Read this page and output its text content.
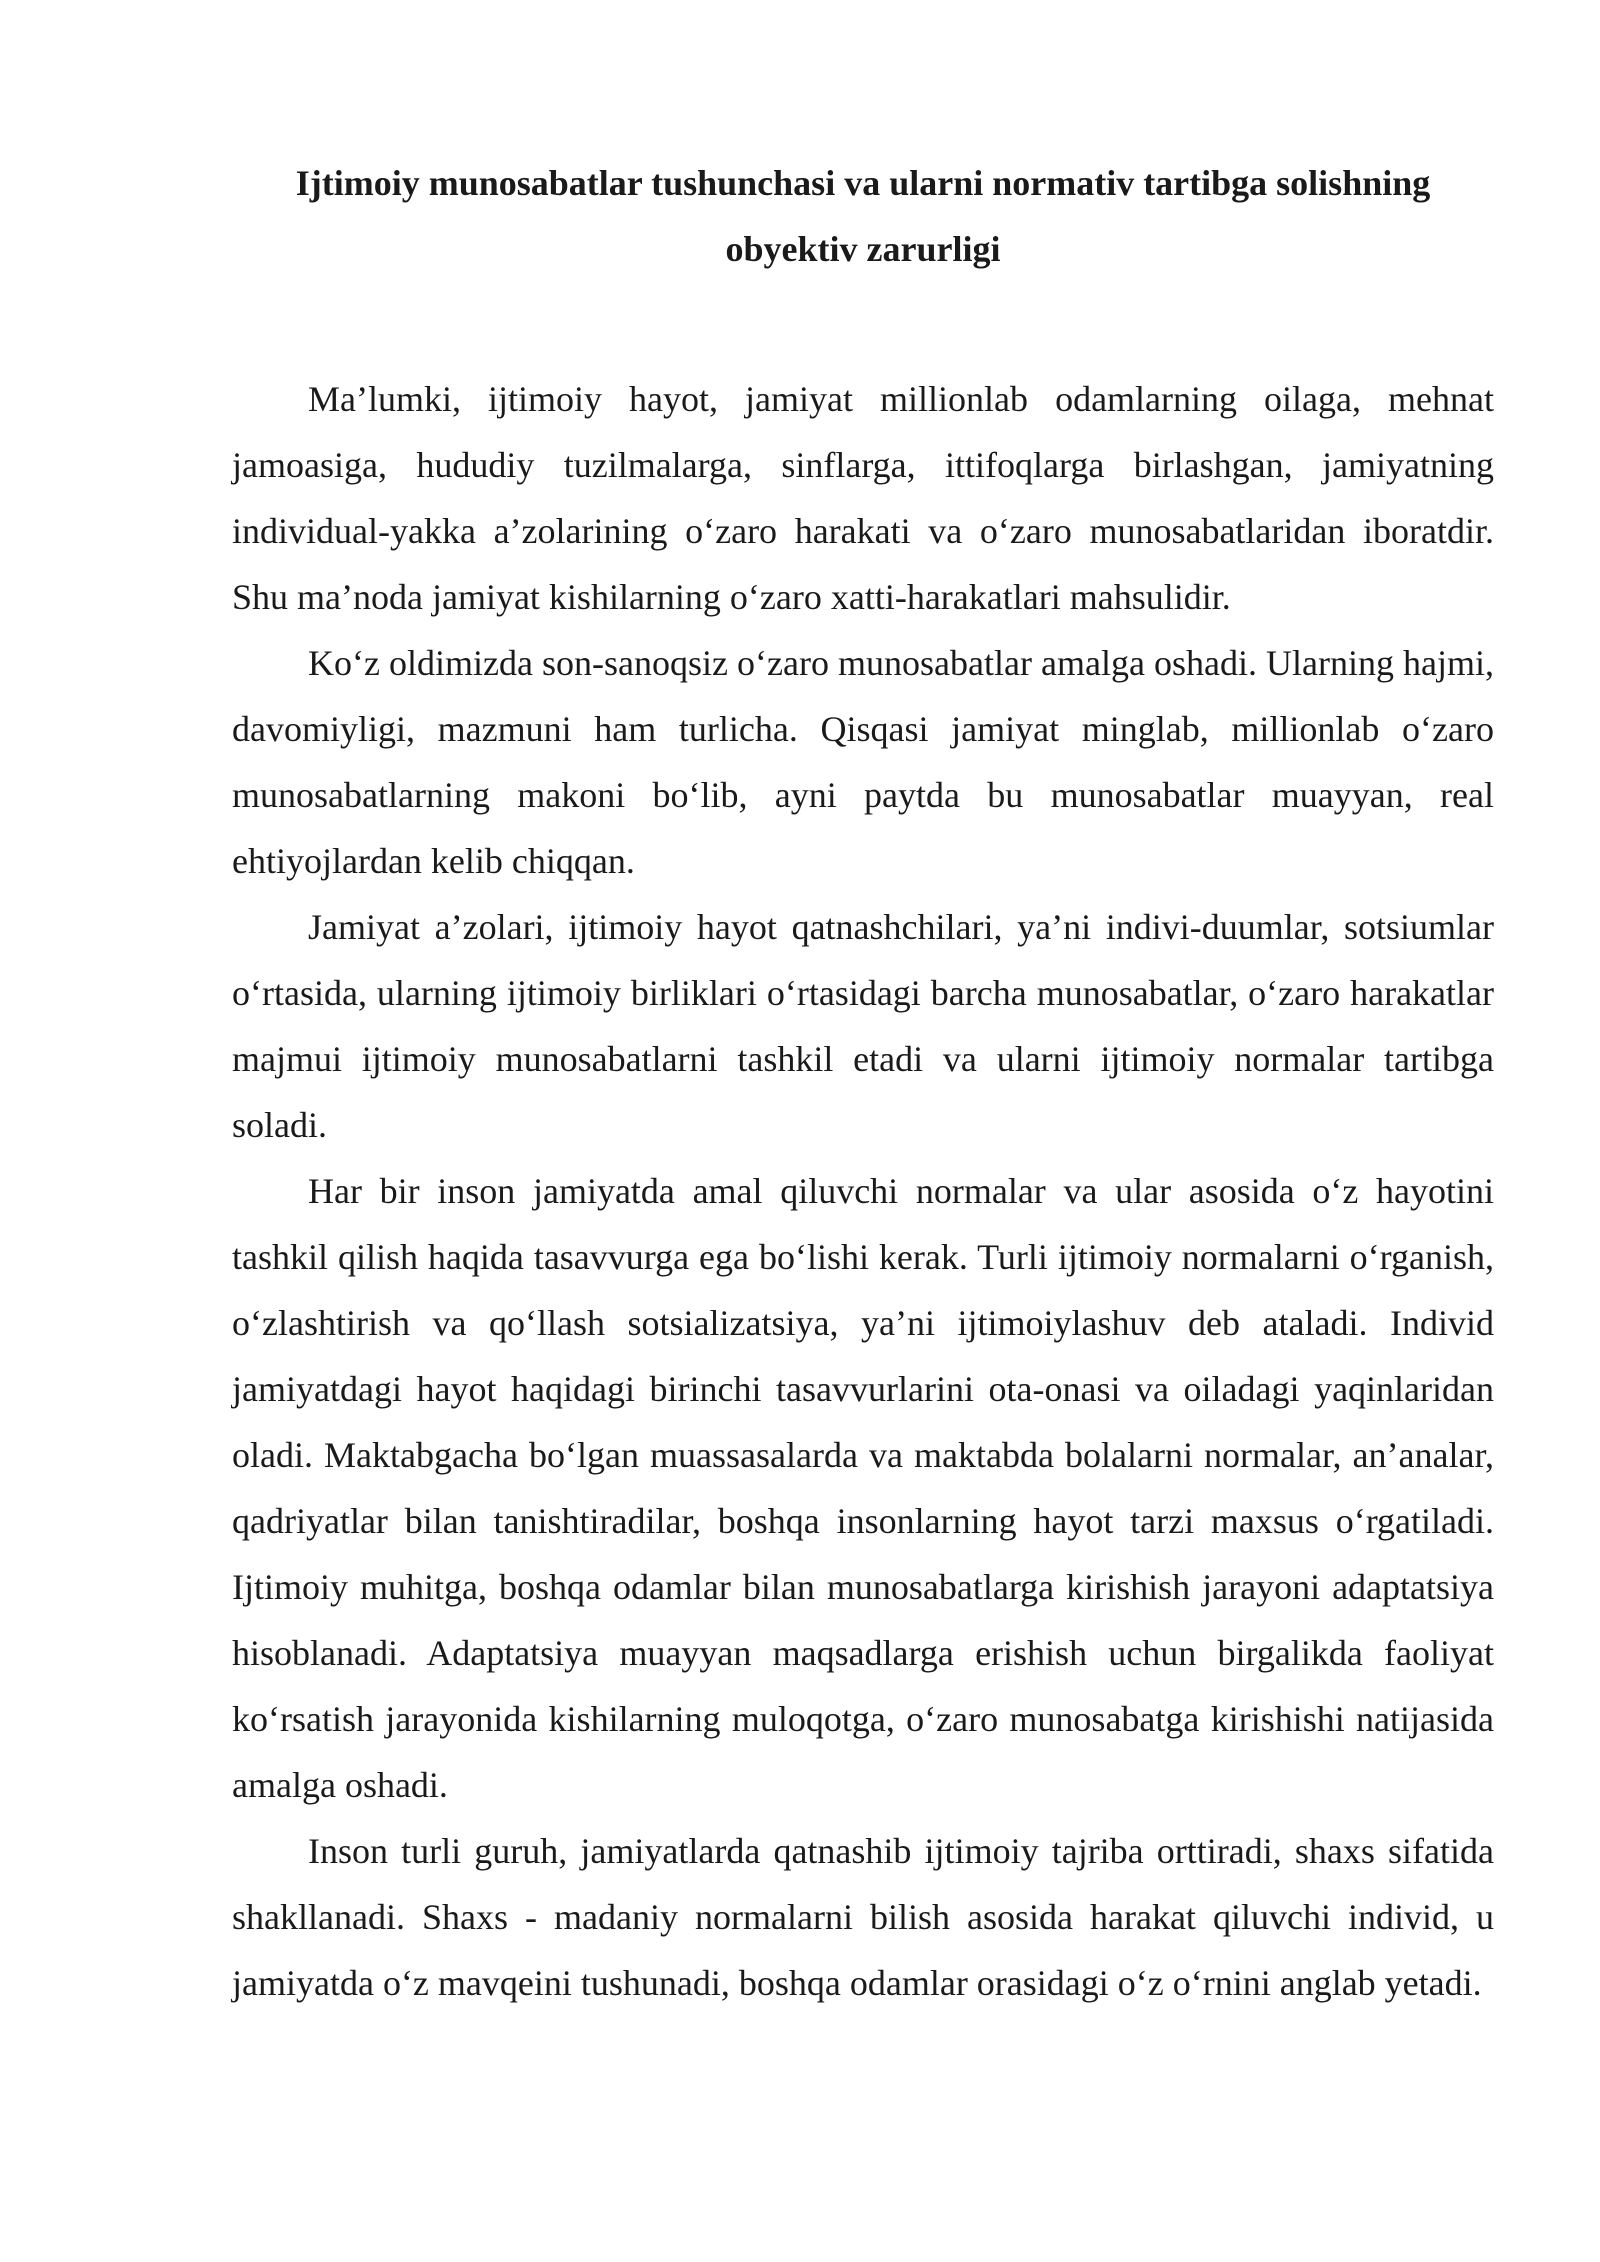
Ijtimoiy munosabatlar tushunchasi va ularni normativ tartibga solishning obyektiv zarurligi

Ma’lumki, ijtimoiy hayot, jamiyat millionlab odamlarning oilaga, mehnat jamoasiga, hududiy tuzilmalarga, sinflarga, ittifoqlarga birlashgan, jamiyatning individual-yakka a’zolarining o‘zaro harakati va o‘zaro munosabatlaridan iboratdir. Shu ma’noda jamiyat kishilarning o‘zaro xatti-harakatlari mahsulidir.

Ko‘z oldimizda son-sanoqsiz o‘zaro munosabatlar amalga oshadi. Ularning hajmi, davomiyligi, mazmuni ham turlicha. Qisqasi jamiyat minglab, millionlab o‘zaro munosabatlarning makoni bo‘lib, ayni paytda bu munosabatlar muayyan, real ehtiyojlardan kelib chiqqan.

Jamiyat a’zolari, ijtimoiy hayot qatnashchilari, ya’ni indivi-duumlar, sotsiumlar o‘rtasida, ularning ijtimoiy birliklari o‘rtasidagi barcha munosabatlar, o‘zaro harakatlar majmui ijtimoiy munosabatlarni tashkil etadi va ularni ijtimoiy normalar tartibga soladi.

Har bir inson jamiyatda amal qiluvchi normalar va ular asosida o‘z hayotini tashkil qilish haqida tasavvurga ega bo‘lishi kerak. Turli ijtimoiy normalarni o‘rganish, o‘zlashtirish va qo‘llash sotsializatsiya, ya’ni ijtimoiylashuv deb ataladi. Individ jamiyatdagi hayot haqidagi birinchi tasavvurlarini ota-onasi va oiladagi yaqinlaridan oladi. Maktabgacha bo‘lgan muassasalarda va maktabda bolalarni normalar, an’analar, qadriyatlar bilan tanishtiradilar, boshqa insonlarning hayot tarzi maxsus o‘rgatiladi. Ijtimoiy muhitga, boshqa odamlar bilan munosabatlarga kirishish jarayoni adaptatsiya hisoblanadi. Adaptatsiya muayyan maqsadlarga erishish uchun birgalikda faoliyat ko‘rsatish jarayonida kishilarning muloqotga, o‘zaro munosabatga kirishishi natijasida amalga oshadi.

Inson turli guruh, jamiyatlarda qatnashib ijtimoiy tajriba orttiradi, shaxs sifatida shakllanadi. Shaxs - madaniy normalarni bilish asosida harakat qiluvchi individ, u jamiyatda o‘z mavqeini tushunadi, boshqa odamlar orasidagi o‘z o‘rnini anglab yetadi.
